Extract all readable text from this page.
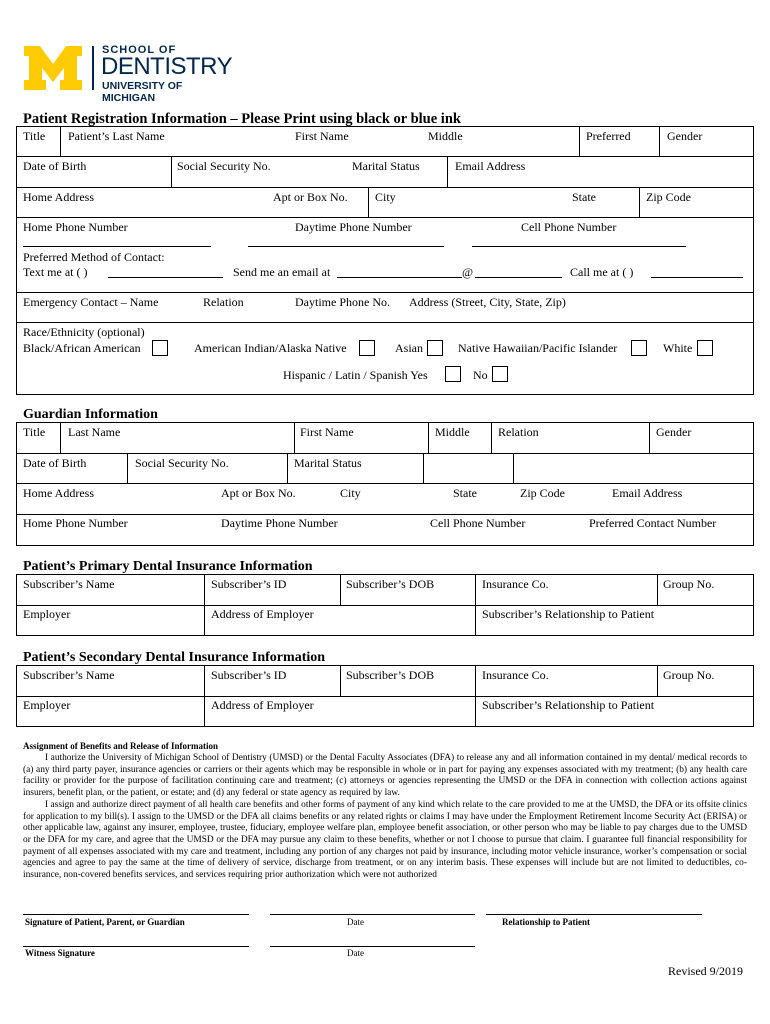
SCHOOL OF
DENTISTRY
UNIVERSITY OF MICHIGAN
Patient Registration Information – Please Print using black or blue ink
Title Patient’s Last Name	First Name	Middle	Preferred	Gender
Date of Birth	Social Security No.	Marital Status	Email Address
Home Address	Apt or Box No. City	State	Zip Code
Home Phone Number	Daytime Phone Number	Cell Phone Number
Preferred Method of Contact:
Text me at ( )	Send me an email at	@	Call me at ( )
Emergency Contact – Name	Relation	Daytime Phone No. Address (Street, City, State, Zip)
Race/Ethnicity (optional)
Black/African American	American Indian/Alaska Native	Asian	Native Hawaiian/Pacific Islander	White
Hispanic / Latin / Spanish Yes	No
Guardian Information
Title Last Name	First Name	Middle Relation	Gender
Date of Birth	Social Security No.	Marital Status
Home Address	Apt or Box No.	City	State	Zip Code	Email Address
Home Phone Number	Daytime Phone Number	Cell Phone Number	Preferred Contact Number
Patient’s Primary Dental Insurance Information
Subscriber’s Name	Subscriber’s ID	Subscriber’s DOB	Insurance Co.	Group No.
Employer	Address of Employer	Subscriber’s Relationship to Patient
Patient’s Secondary Dental Insurance Information
Subscriber’s Name	Subscriber’s ID	Subscriber’s DOB	Insurance Co.	Group No.
Employer	Address of Employer	Subscriber’s Relationship to Patient
Assignment of Benefits and Release of Information

I authorize the University of Michigan School of Dentistry (UMSD) or the Dental Faculty Associates (DFA) to release any and all information contained in my dental/ medical records to (a) any third party payer, insurance agencies or carriers or their agents which may be responsible in whole or in part for paying any expenses associated with my treatment; (b) any health care facility or provider for the purpose of facilitation continuing care and treatment; (c) attorneys or agencies representing the UMSD or the DFA in connection with collection actions against insurers, benefit plan, or the patient, or estate; and (d) any federal or state agency as required by law.

I assign and authorize direct payment of all health care benefits and other forms of payment of any kind which relate to the care provided to me at the UMSD, the DFA or its offsite clinics for application to my bill(s). I assign to the UMSD or the DFA all claims benefits or any related rights or claims I may have under the Employment Retirement Income Security Act (ERISA) or other applicable law, against any insurer, employee, trustee, fiduciary, employee welfare plan, employee benefit association, or other person who may be liable to pay charges due to the UMSD or the DFA for my care, and agree that the UMSD or the DFA may pursue any claim to these benefits, whether or not I choose to pursue that claim. I guarantee full financial responsibility for payment of all expenses associated with my care and treatment, including any portion of any charges not paid by insurance, including motor vehicle insurance, worker’s compensation or social agencies and agree to pay the same at the time of delivery of service, discharge from treatment, or on any interim basis. These expenses will include but are not limited to deductibles, co-insurance, non-covered benefits services, and services requiring prior authorization which were not authorized

Signature of Patient, Parent, or Guardian	Date	Relationship to Patient
Witness Signature	Date
Revised 9/2019
